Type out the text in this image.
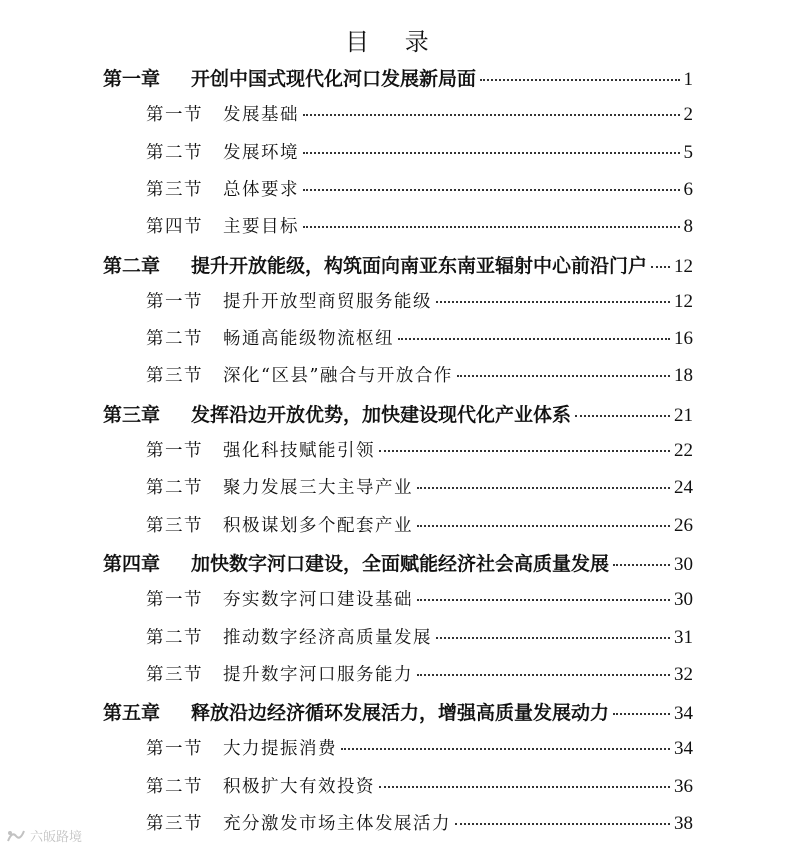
目 录
第一章	开创中国式现代化河口发展新局面	1
第一节	发展基础	2
第二节	发展环境	5
第三节	总体要求	6
第四节	主要目标	8
第二章	提升开放能级，构筑面向南亚东南亚辐射中心前沿门户 12
第一节	提升开放型商贸服务能级	12
第二节	畅通高能级物流枢纽	16
第三节	深化“区县”融合与开放合作	18
第三章	发挥沿边开放优势，加快建设现代化产业体系	21
第一节	强化科技赋能引领	22
第二节	聚力发展三大主导产业	24
第三节	积极谋划多个配套产业	26
第四章	加快数字河口建设，全面赋能经济社会高质量发展	30
第一节	夯实数字河口建设基础	30
第二节	推动数字经济高质量发展	31
第三节	提升数字河口服务能力	32
第五章	释放沿边经济循环发展活力，增强高质量发展动力	34
第一节	大力提振消费	34
第二节	积极扩大有效投资	36
第三节	充分激发市场主体发展活力	38
六皈路境
